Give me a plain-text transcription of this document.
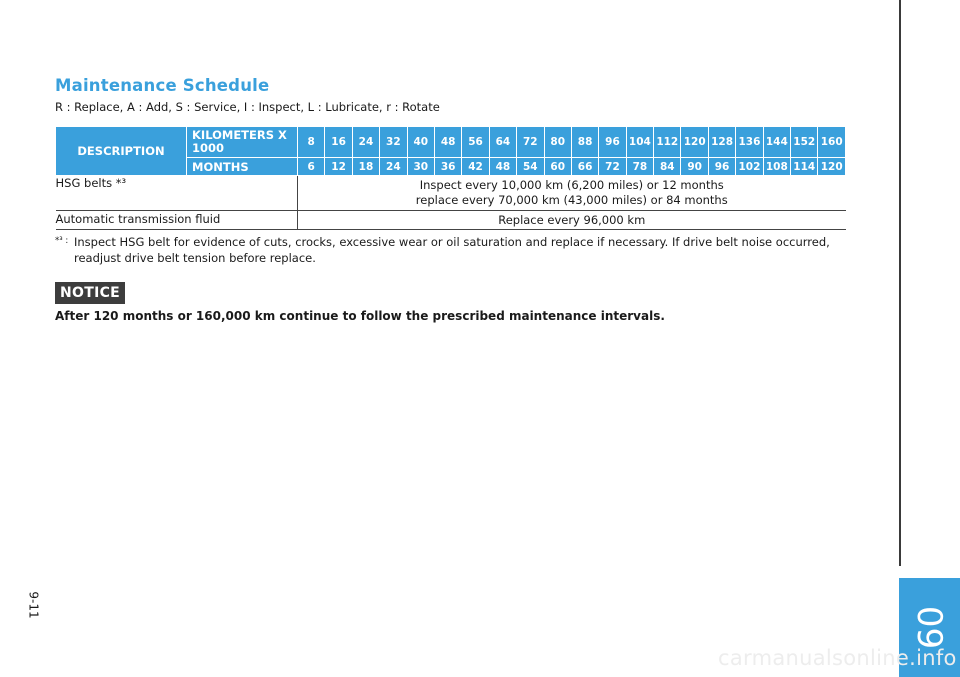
Maintenance Schedule

R : Replace, A : Add, S : Service, I : Inspect, L : Lubricate, r : Rotate

DESCRIPTION	KILOMETERS X 1000	8	16	24	32	40	48	56	64	72	80	88	96	104	112	120	128	136	144	152	160
	MONTHS	6	12	18	24	30	36	42	48	54	60	66	72	78	84	90	96	102	108	114	120
HSG belts *³		Inspect every 10,000 km (6,200 miles) or 12 months
replace every 70,000 km (43,000 miles) or 84 months																			

Automatic transmission fluid		Replace every 96,000 km																			
*³ : Inspect HSG belt for evidence of cuts, crocks, excessive wear or oil saturation and replace if necessary. If drive belt noise occurred, readjust drive belt tension before replace.
NOTICE
After 120 months or 160,000 km continue to follow the prescribed maintenance intervals.
09
9-11
carmanualsonline.info
